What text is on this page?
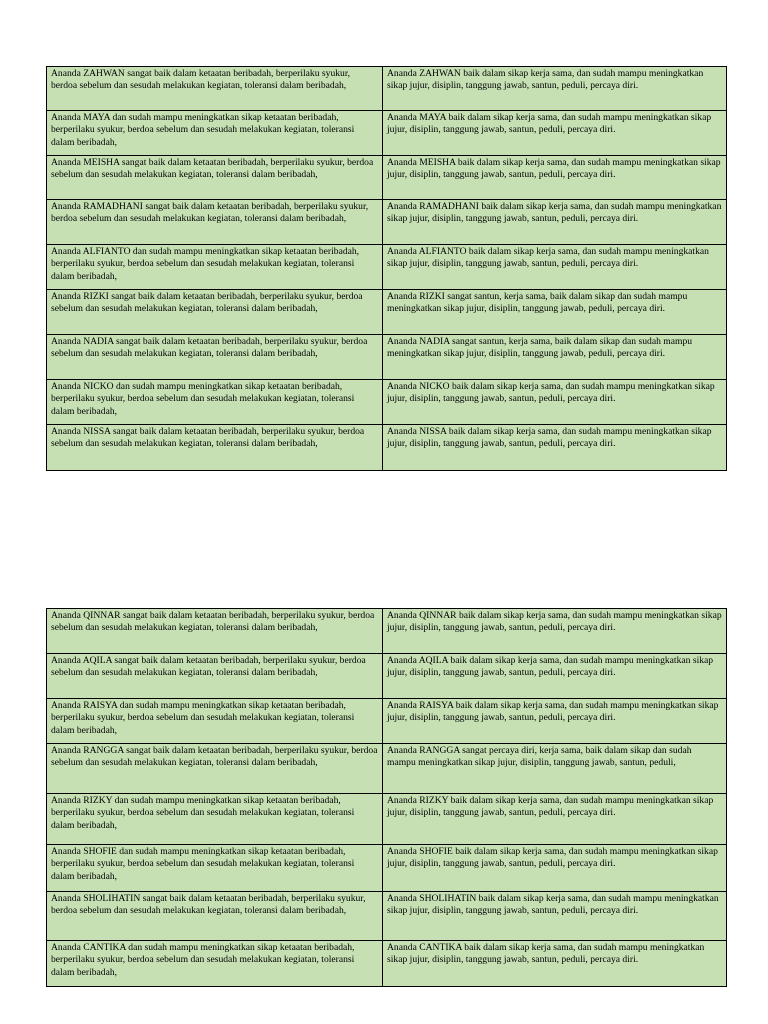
Ananda ZAHWAN sangat baik dalam ketaatan beribadah, berperilaku syukur, berdoa sebelum dan sesudah melakukan kegiatan, toleransi dalam beribadah,	Ananda ZAHWAN baik dalam sikap kerja sama, dan sudah mampu meningkatkan sikap jujur, disiplin, tanggung jawab, santun, peduli, percaya diri.
Ananda MAYA dan sudah mampu meningkatkan sikap ketaatan beribadah, berperilaku syukur, berdoa sebelum dan sesudah melakukan kegiatan, toleransi dalam beribadah,	Ananda MAYA baik dalam sikap kerja sama, dan sudah mampu meningkatkan sikap jujur, disiplin, tanggung jawab, santun, peduli, percaya diri.
Ananda MEISHA sangat baik dalam ketaatan beribadah, berperilaku syukur, berdoa sebelum dan sesudah melakukan kegiatan, toleransi dalam beribadah,	Ananda MEISHA baik dalam sikap kerja sama, dan sudah mampu meningkatkan sikap jujur, disiplin, tanggung jawab, santun, peduli, percaya diri.
Ananda RAMADHANI sangat baik dalam ketaatan beribadah, berperilaku syukur, berdoa sebelum dan sesudah melakukan kegiatan, toleransi dalam beribadah,	Ananda RAMADHANI baik dalam sikap kerja sama, dan sudah mampu meningkatkan sikap jujur, disiplin, tanggung jawab, santun, peduli, percaya diri.
Ananda ALFIANTO dan sudah mampu meningkatkan sikap ketaatan beribadah, berperilaku syukur, berdoa sebelum dan sesudah melakukan kegiatan, toleransi dalam beribadah,	Ananda ALFIANTO baik dalam sikap kerja sama, dan sudah mampu meningkatkan sikap jujur, disiplin, tanggung jawab, santun, peduli, percaya diri.
Ananda RIZKI sangat baik dalam ketaatan beribadah, berperilaku syukur, berdoa sebelum dan sesudah melakukan kegiatan, toleransi dalam beribadah,	Ananda RIZKI sangat santun, kerja sama, baik dalam sikap dan sudah mampu meningkatkan sikap jujur, disiplin, tanggung jawab, peduli, percaya diri.
Ananda NADIA sangat baik dalam ketaatan beribadah, berperilaku syukur, berdoa sebelum dan sesudah melakukan kegiatan, toleransi dalam beribadah,	Ananda NADIA sangat santun, kerja sama, baik dalam sikap dan sudah mampu meningkatkan sikap jujur, disiplin, tanggung jawab, peduli, percaya diri.
Ananda NICKO dan sudah mampu meningkatkan sikap ketaatan beribadah, berperilaku syukur, berdoa sebelum dan sesudah melakukan kegiatan, toleransi dalam beribadah,	Ananda NICKO baik dalam sikap kerja sama, dan sudah mampu meningkatkan sikap jujur, disiplin, tanggung jawab, santun, peduli, percaya diri.
Ananda NISSA sangat baik dalam ketaatan beribadah, berperilaku syukur, berdoa sebelum dan sesudah melakukan kegiatan, toleransi dalam beribadah,	Ananda NISSA baik dalam sikap kerja sama, dan sudah mampu meningkatkan sikap jujur, disiplin, tanggung jawab, santun, peduli, percaya diri.
Ananda QINNAR sangat baik dalam ketaatan beribadah, berperilaku syukur, berdoa sebelum dan sesudah melakukan kegiatan, toleransi dalam beribadah,	Ananda QINNAR baik dalam sikap kerja sama, dan sudah mampu meningkatkan sikap jujur, disiplin, tanggung jawab, santun, peduli, percaya diri.
Ananda AQILA sangat baik dalam ketaatan beribadah, berperilaku syukur, berdoa sebelum dan sesudah melakukan kegiatan, toleransi dalam beribadah,	Ananda AQILA baik dalam sikap kerja sama, dan sudah mampu meningkatkan sikap jujur, disiplin, tanggung jawab, santun, peduli, percaya diri.
Ananda RAISYA dan sudah mampu meningkatkan sikap ketaatan beribadah, berperilaku syukur, berdoa sebelum dan sesudah melakukan kegiatan, toleransi dalam beribadah,	Ananda RAISYA baik dalam sikap kerja sama, dan sudah mampu meningkatkan sikap jujur, disiplin, tanggung jawab, santun, peduli, percaya diri.
Ananda RANGGA sangat baik dalam ketaatan beribadah, berperilaku syukur, berdoa sebelum dan sesudah melakukan kegiatan, toleransi dalam beribadah,	Ananda RANGGA sangat percaya diri, kerja sama, baik dalam sikap dan sudah mampu meningkatkan sikap jujur, disiplin, tanggung jawab, santun, peduli,
Ananda RIZKY dan sudah mampu meningkatkan sikap ketaatan beribadah, berperilaku syukur, berdoa sebelum dan sesudah melakukan kegiatan, toleransi dalam beribadah,	Ananda RIZKY baik dalam sikap kerja sama, dan sudah mampu meningkatkan sikap jujur, disiplin, tanggung jawab, santun, peduli, percaya diri.
Ananda SHOFIE dan sudah mampu meningkatkan sikap ketaatan beribadah, berperilaku syukur, berdoa sebelum dan sesudah melakukan kegiatan, toleransi dalam beribadah,	Ananda SHOFIE baik dalam sikap kerja sama, dan sudah mampu meningkatkan sikap jujur, disiplin, tanggung jawab, santun, peduli, percaya diri.
Ananda SHOLIHATIN sangat baik dalam ketaatan beribadah, berperilaku syukur, berdoa sebelum dan sesudah melakukan kegiatan, toleransi dalam beribadah,	Ananda SHOLIHATIN baik dalam sikap kerja sama, dan sudah mampu meningkatkan sikap jujur, disiplin, tanggung jawab, santun, peduli, percaya diri.
Ananda CANTIKA dan sudah mampu meningkatkan sikap ketaatan beribadah, berperilaku syukur, berdoa sebelum dan sesudah melakukan kegiatan, toleransi dalam beribadah,	Ananda CANTIKA baik dalam sikap kerja sama, dan sudah mampu meningkatkan sikap jujur, disiplin, tanggung jawab, santun, peduli, percaya diri.
